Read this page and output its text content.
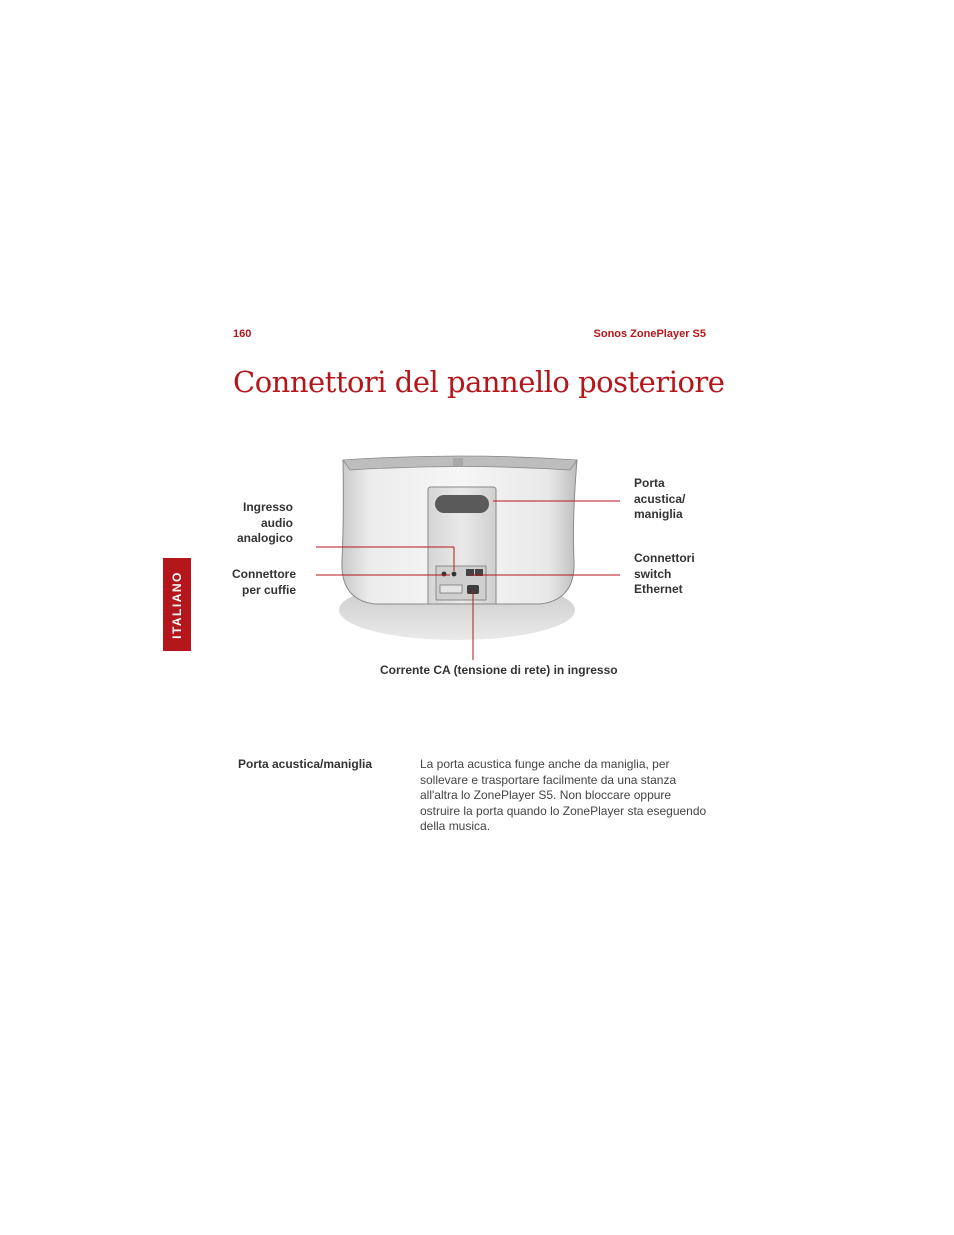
160	Sonos ZonePlayer S5
Connettori del pannello posteriore
ITALIANO
Ingresso
audio
analogico
Connettore
per cuffie
Porta
acustica/
maniglia
Connettori
switch
Ethernet
Corrente CA (tensione di rete) in ingresso
Porta acustica/maniglia	La porta acustica funge anche da maniglia, per sollevare e trasportare facilmente da una stanza all'altra lo ZonePlayer S5. Non bloccare oppure ostruire la porta quando lo ZonePlayer sta eseguendo della musica.
